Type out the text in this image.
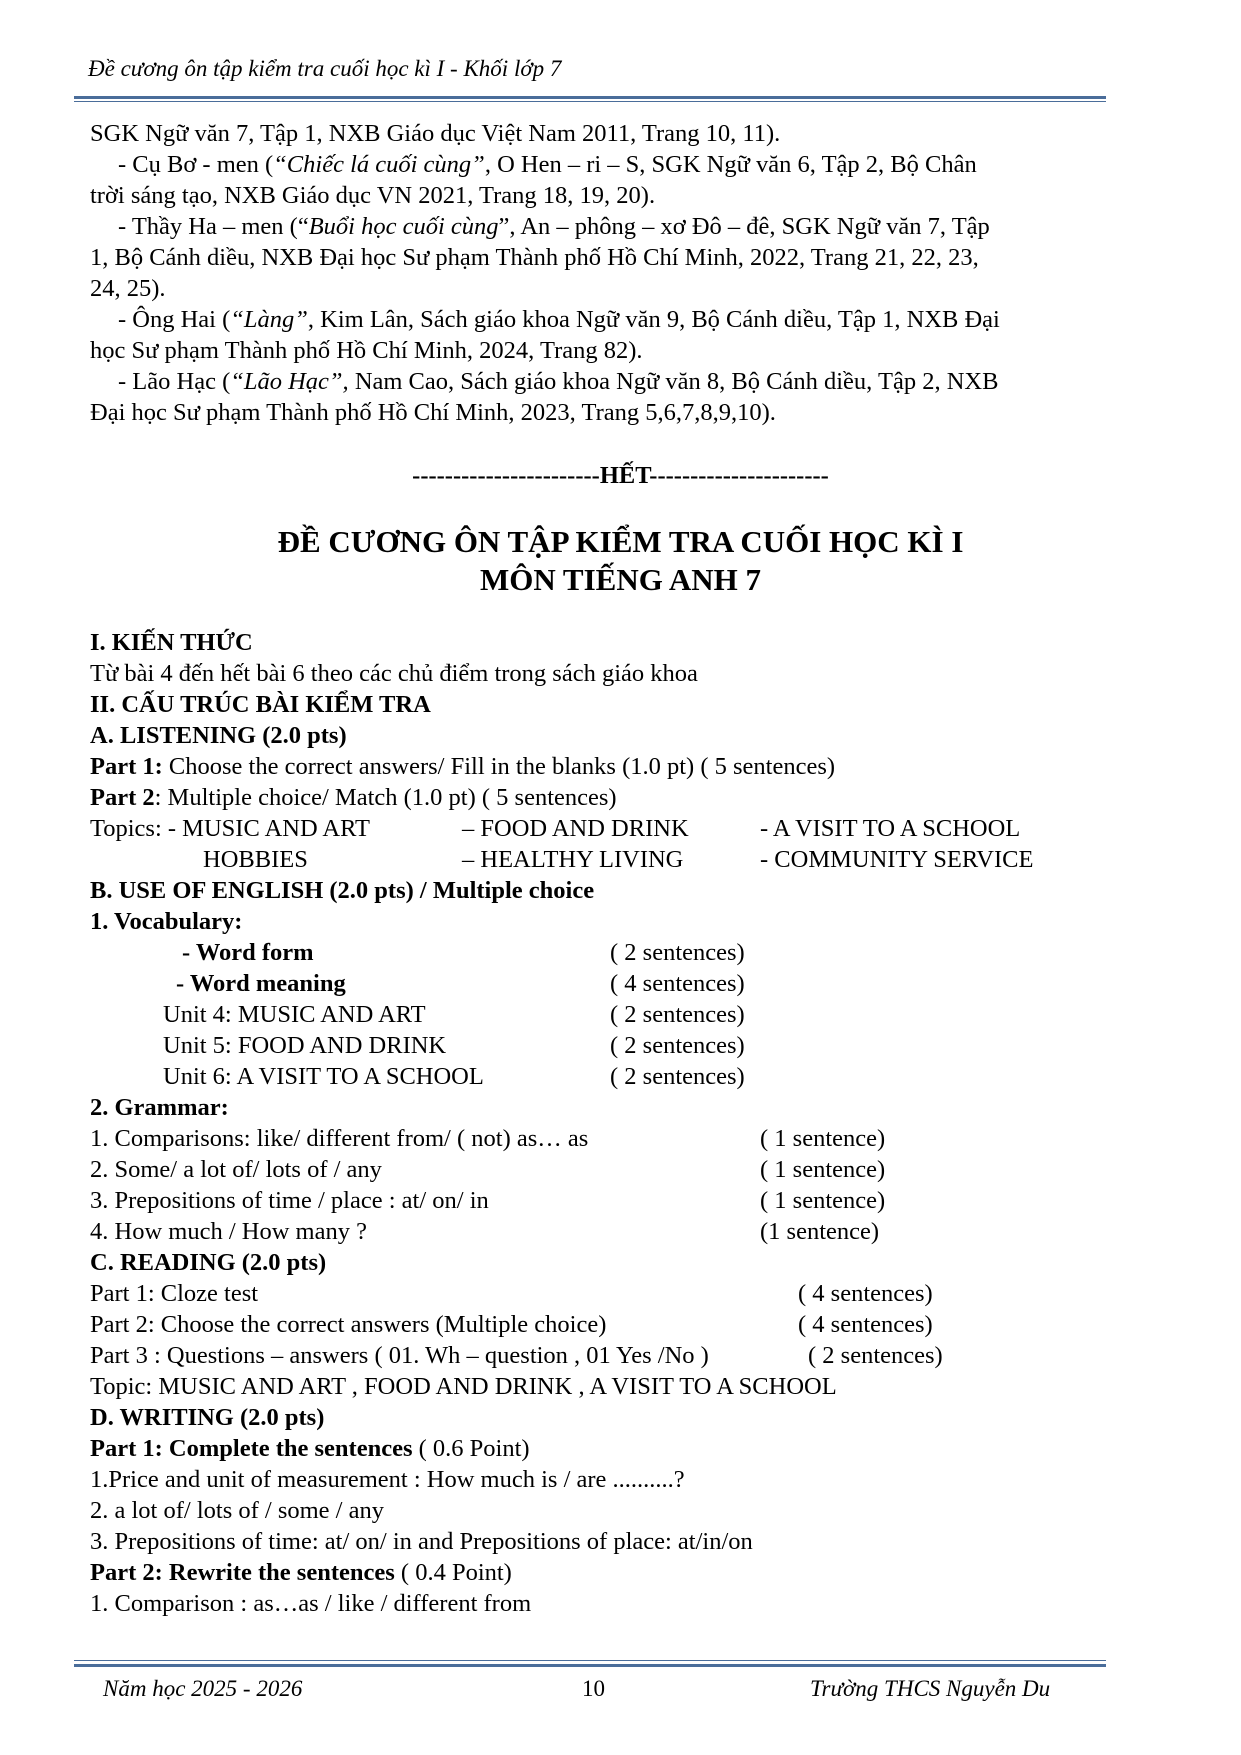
Đề cương ôn tập kiểm tra cuối học kì I - Khối lớp 7
SGK Ngữ văn 7, Tập 1, NXB Giáo dục Việt Nam 2011, Trang 10, 11).
- Cụ Bơ - men (“Chiếc lá cuối cùng”, O Hen – ri – S, SGK Ngữ văn 6, Tập 2, Bộ Chân
trời sáng tạo, NXB Giáo dục VN 2021, Trang 18, 19, 20).
- Thầy Ha – men (“Buổi học cuối cùng”, An – phông – xơ Đô – đê, SGK Ngữ văn 7, Tập
1, Bộ Cánh diều, NXB Đại học Sư phạm Thành phố Hồ Chí Minh, 2022, Trang 21, 22, 23,
24, 25).
- Ông Hai (“Làng”, Kim Lân, Sách giáo khoa Ngữ văn 9, Bộ Cánh diều, Tập 1, NXB Đại
học Sư phạm Thành phố Hồ Chí Minh, 2024, Trang 82).
- Lão Hạc (“Lão Hạc”, Nam Cao, Sách giáo khoa Ngữ văn 8, Bộ Cánh diều, Tập 2, NXB
Đại học Sư phạm Thành phố Hồ Chí Minh, 2023, Trang 5,6,7,8,9,10).
-----------------------HẾT----------------------
ĐỀ CƯƠNG ÔN TẬP KIỂM TRA CUỐI HỌC KÌ I
MÔN TIẾNG ANH 7
I. KIẾN THỨC
Từ bài 4 đến hết bài 6 theo các chủ điểm trong sách giáo khoa
II. CẤU TRÚC BÀI KIỂM TRA
A. LISTENING (2.0 pts)
Part 1: Choose the correct answers/ Fill in the blanks (1.0 pt) ( 5 sentences)
Part 2: Multiple choice/ Match (1.0 pt) ( 5 sentences)
Topics: - MUSIC AND ART	– FOOD AND DRINK	- A VISIT TO A SCHOOL
HOBBIES	– HEALTHY LIVING	- COMMUNITY SERVICE
B. USE OF ENGLISH (2.0 pts) / Multiple choice
1. Vocabulary:
- Word form	( 2 sentences)
- Word meaning	( 4 sentences)
Unit 4: MUSIC AND ART	( 2 sentences)
Unit 5: FOOD AND DRINK	( 2 sentences)
Unit 6: A VISIT TO A SCHOOL	( 2 sentences)
2. Grammar:
1. Comparisons: like/ different from/ ( not) as… as	( 1 sentence)
2. Some/ a lot of/ lots of / any	( 1 sentence)
3. Prepositions of time / place : at/ on/ in	( 1 sentence)
4. How much / How many ?	(1 sentence)
C. READING (2.0 pts)
Part 1: Cloze test	( 4 sentences)
Part 2: Choose the correct answers (Multiple choice)	( 4 sentences)
Part 3 : Questions – answers ( 01. Wh – question , 01 Yes /No )	( 2 sentences)
Topic: MUSIC AND ART , FOOD AND DRINK , A VISIT TO A SCHOOL
D. WRITING (2.0 pts)
Part 1: Complete the sentences ( 0.6 Point)
1.Price and unit of measurement : How much is / are ..........?
2. a lot of/ lots of / some / any
3. Prepositions of time: at/ on/ in and Prepositions of place: at/in/on
Part 2: Rewrite the sentences ( 0.4 Point)
1. Comparison : as…as / like / different from
Năm học 2025 - 2026	10	Trường THCS Nguyễn Du
